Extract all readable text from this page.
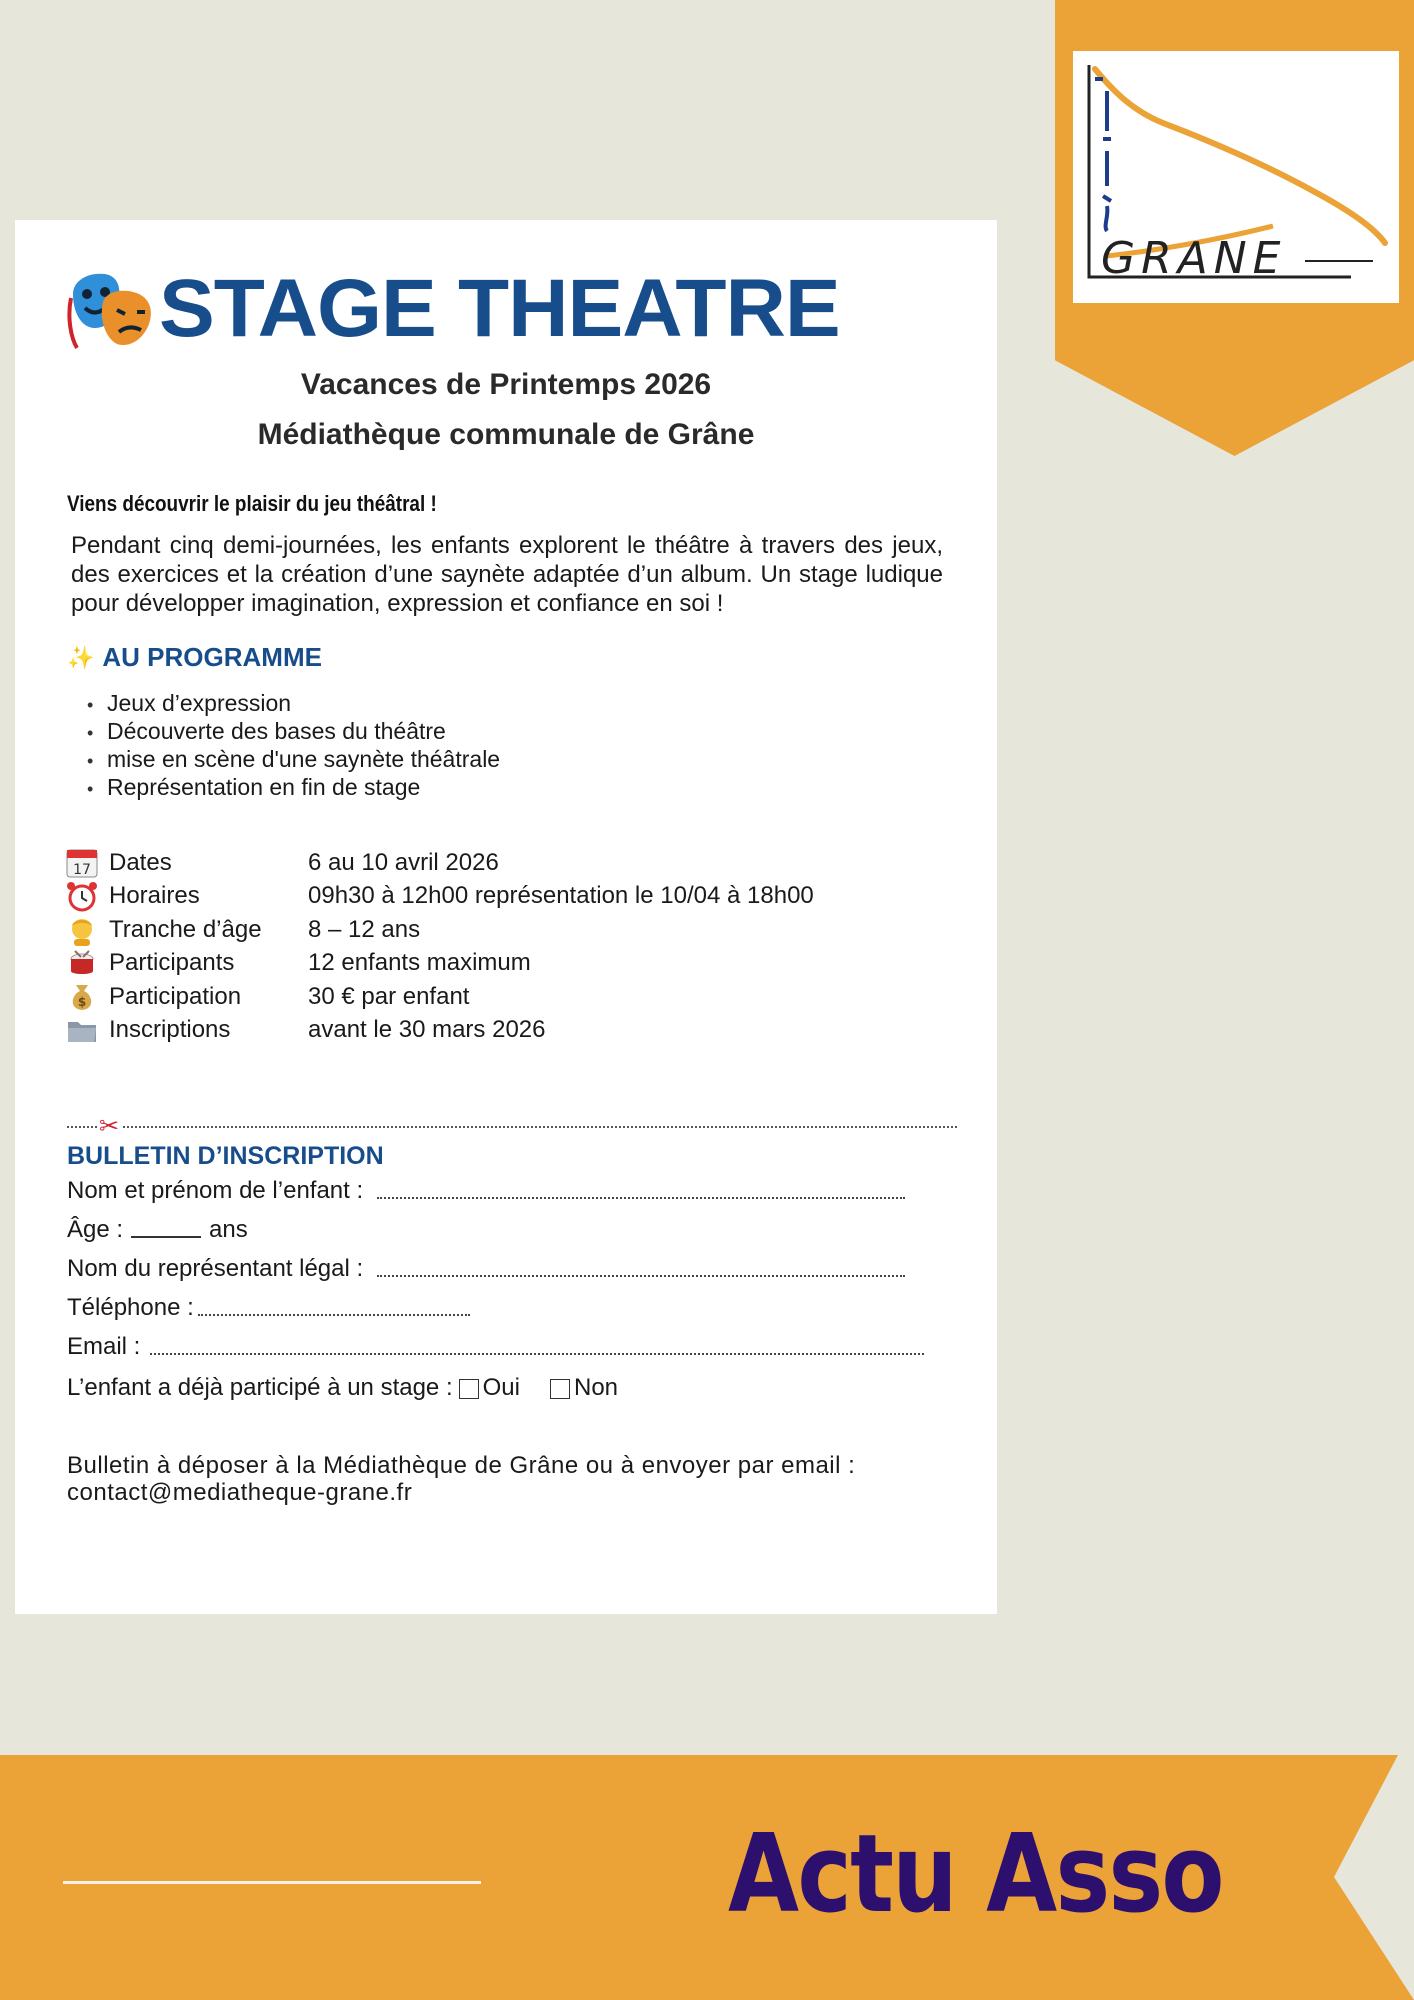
GRANE
STAGE THEATRE
Vacances de Printemps 2026
Médiathèque communale de Grâne
Viens découvrir le plaisir du jeu théâtral !
Pendant cinq demi-journées, les enfants explorent le théâtre à travers des jeux, des exercices et la création d’une saynète adaptée d’un album. Un stage ludique pour développer imagination, expression et confiance en soi !
✨ AU PROGRAMME
• Jeux d’expression
• Découverte des bases du théâtre
• mise en scène d'une saynète théâtrale
• Représentation en fin de stage
17 Dates	6 au 10 avril 2026
Horaires	09h30 à 12h00 représentation le 10/04 à 18h00
Tranche d’âge	8 – 12 ans
Participants	12 enfants maximum
$ Participation	30 € par enfant
Inscriptions	avant le 30 mars 2026
✂
BULLETIN D’INSCRIPTION
Nom et prénom de l’enfant :
Âge :	ans
Nom du représentant légal :
Téléphone :
Email :
L’enfant a déjà participé à un stage : Oui Non
Bulletin à déposer à la Médiathèque de Grâne ou à envoyer par email :
contact@mediatheque-grane.fr
Actu Asso
